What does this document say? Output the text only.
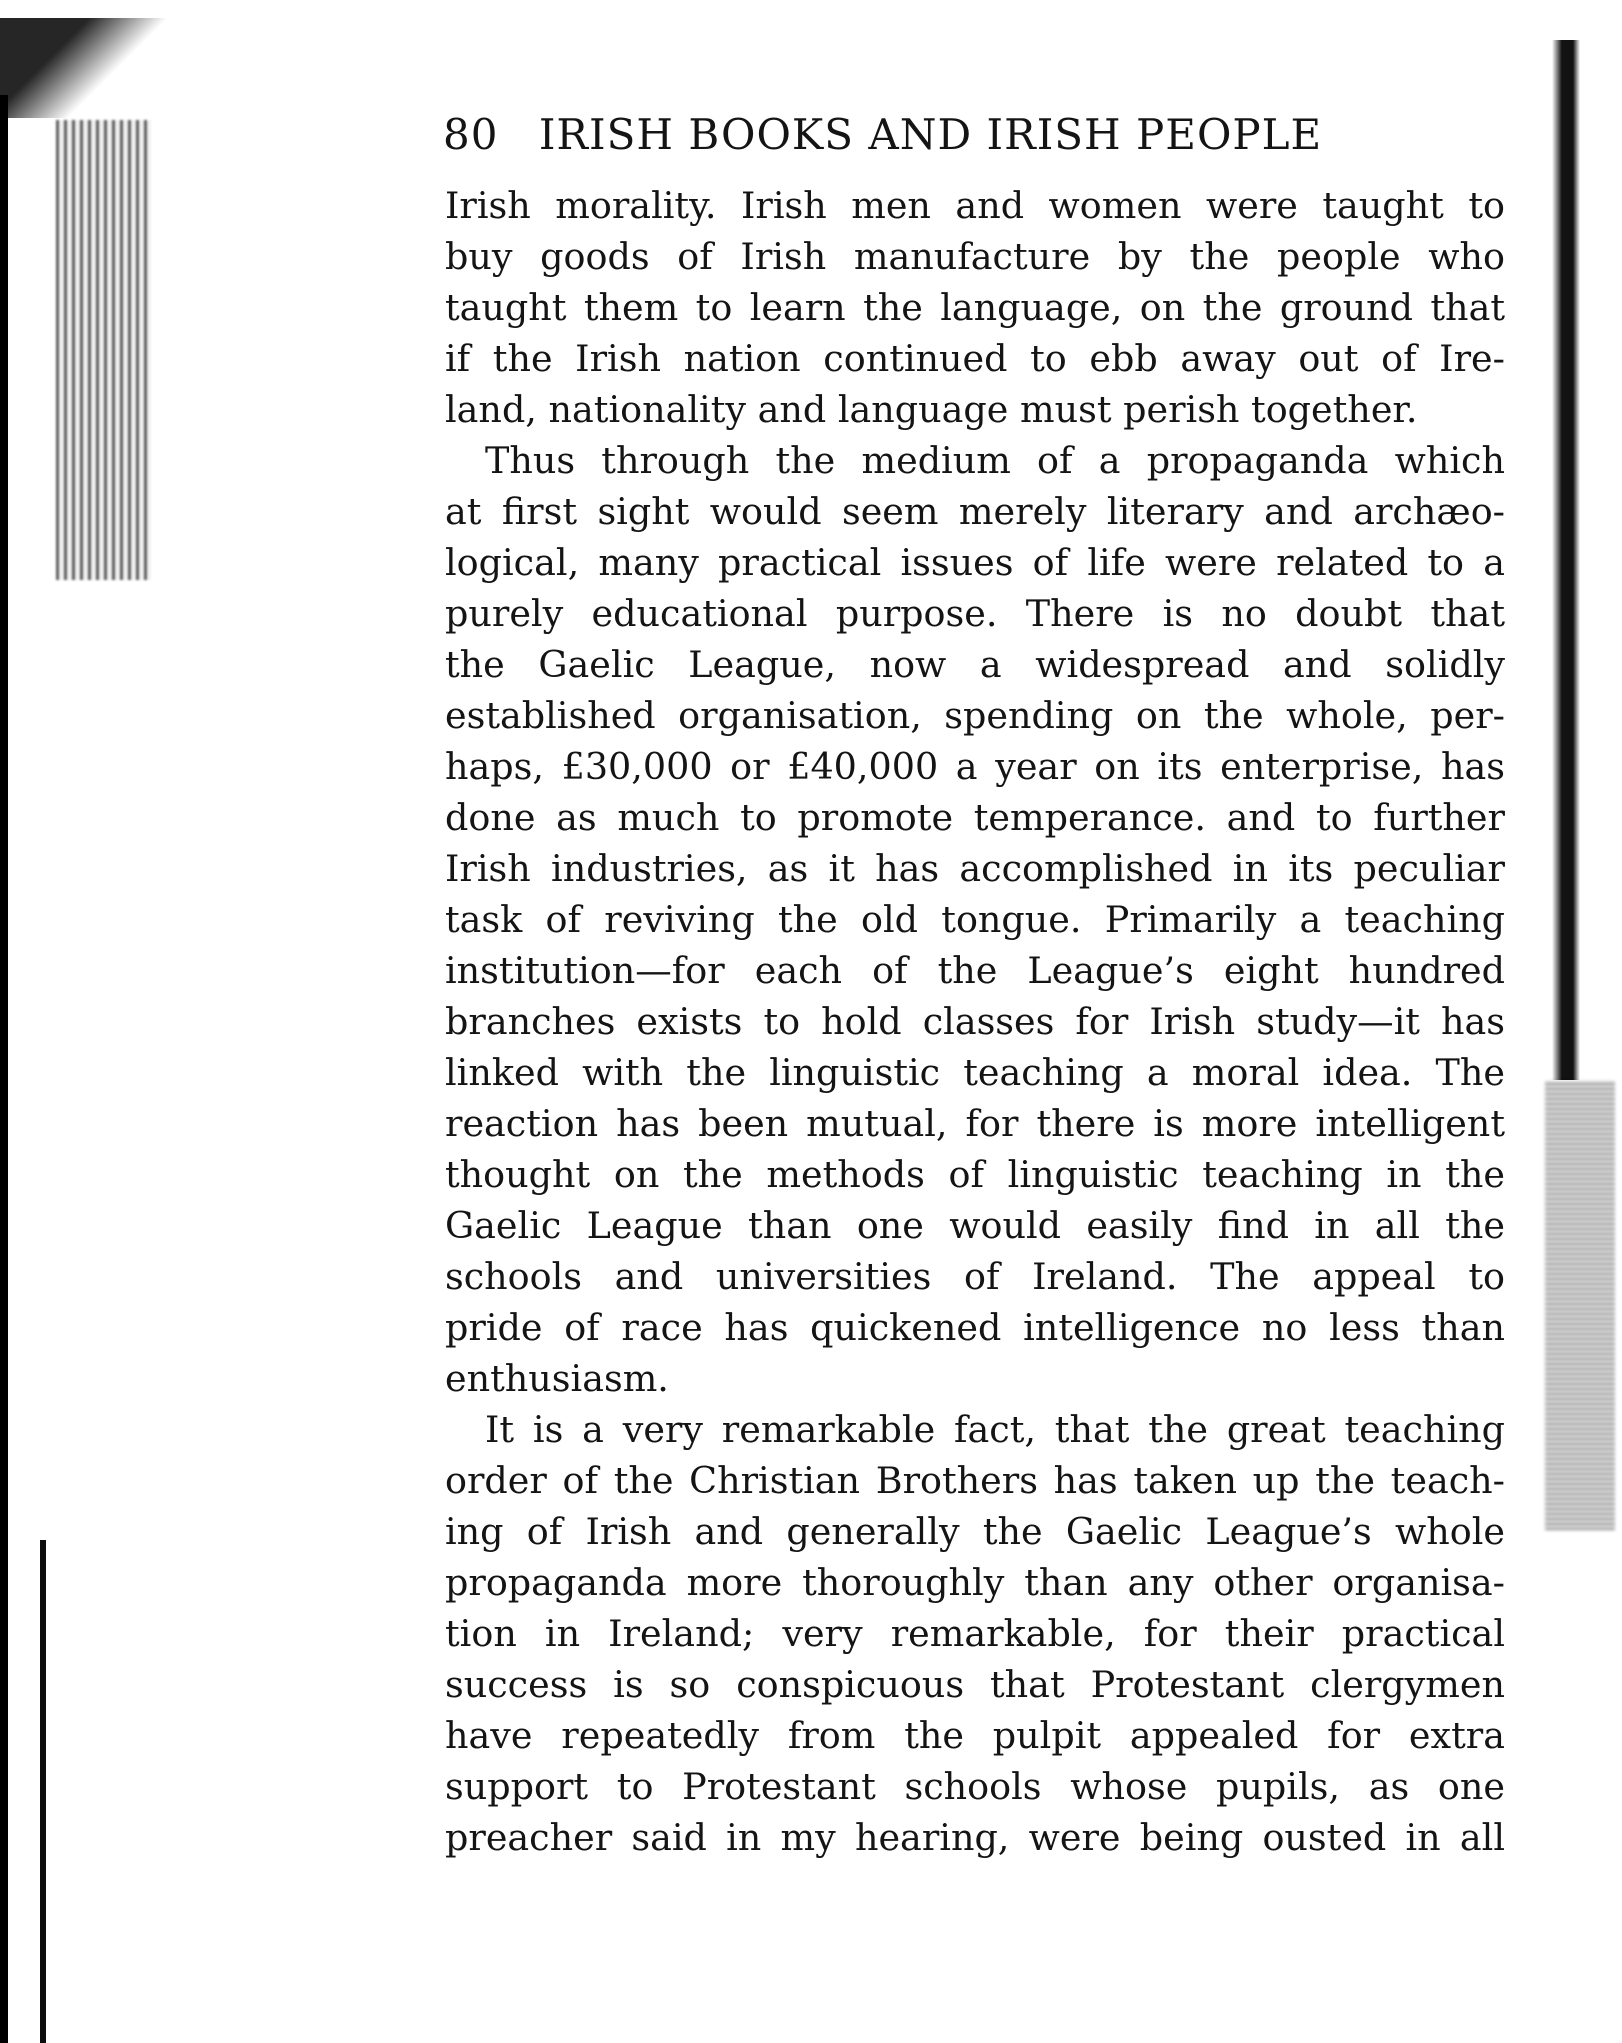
80 IRISH BOOKS AND IRISH PEOPLE
Irish morality. Irish men and women were taught to
buy goods of Irish manufacture by the people who
taught them to learn the language, on the ground that
if the Irish nation continued to ebb away out of Ire-
land, nationality and language must perish together.
Thus through the medium of a propaganda which
at first sight would seem merely literary and archæo-
logical, many practical issues of life were related to a
purely educational purpose. There is no doubt that
the Gaelic League, now a widespread and solidly
established organisation, spending on the whole, per-
haps, £30,000 or £40,000 a year on its enterprise, has
done as much to promote temperance. and to further
Irish industries, as it has accomplished in its peculiar
task of reviving the old tongue. Primarily a teaching
institution—for each of the League’s eight hundred
branches exists to hold classes for Irish study—it has
linked with the linguistic teaching a moral idea. The
reaction has been mutual, for there is more intelligent
thought on the methods of linguistic teaching in the
Gaelic League than one would easily find in all the
schools and universities of Ireland. The appeal to
pride of race has quickened intelligence no less than
enthusiasm.
It is a very remarkable fact, that the great teaching
order of the Christian Brothers has taken up the teach-
ing of Irish and generally the Gaelic League’s whole
propaganda more thoroughly than any other organisa-
tion in Ireland; very remarkable, for their practical
success is so conspicuous that Protestant clergymen
have repeatedly from the pulpit appealed for extra
support to Protestant schools whose pupils, as one
preacher said in my hearing, were being ousted in all
